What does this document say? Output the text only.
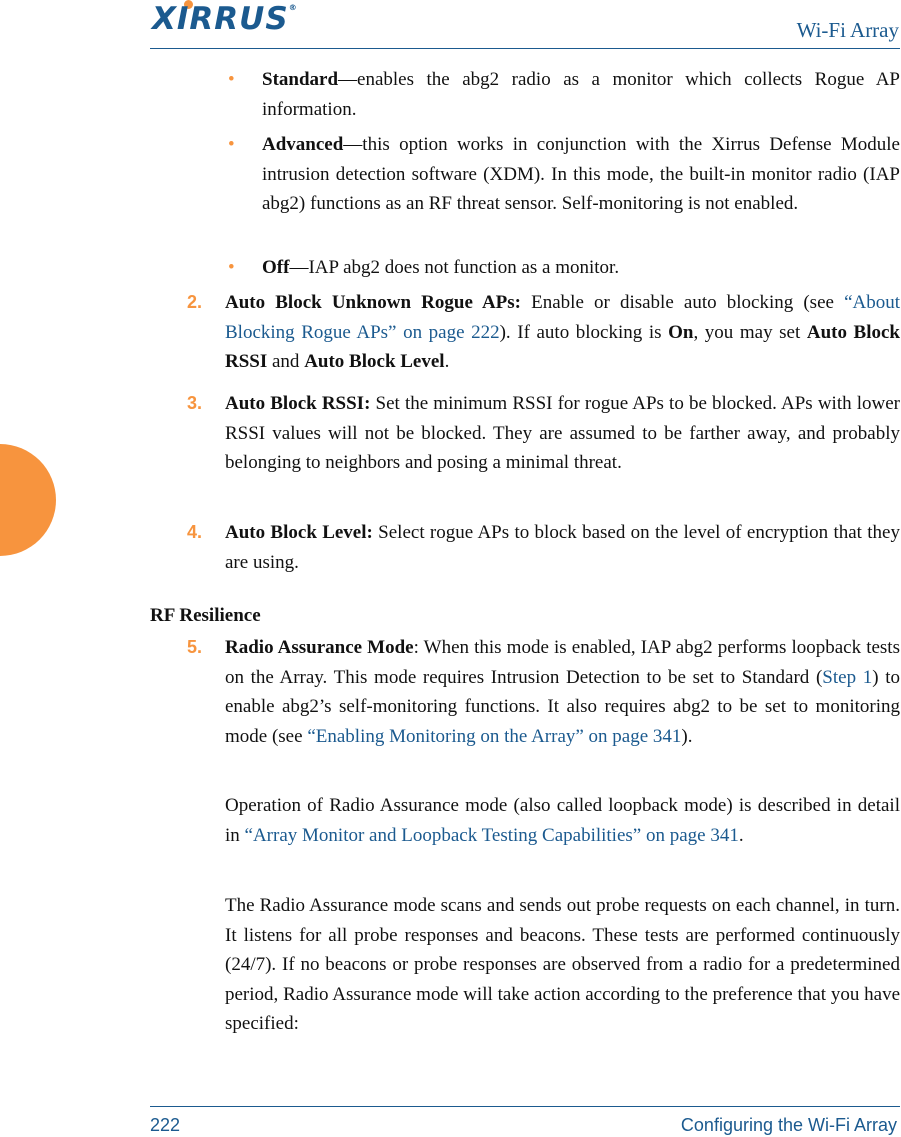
XIRRUS®
Wi-Fi Array
• Standard—enables the abg2 radio as a monitor which collects Rogue AP information.

• Advanced—this option works in conjunction with the Xirrus Defense Module intrusion detection software (XDM). In this mode, the built-in monitor radio (IAP abg2) functions as an RF threat sensor. Self-monitoring is not enabled.

• Off—IAP abg2 does not function as a monitor.

2. Auto Block Unknown Rogue APs: Enable or disable auto blocking (see “About Blocking Rogue APs” on page 222). If auto blocking is On, you may set Auto Block RSSI and Auto Block Level.

3. Auto Block RSSI: Set the minimum RSSI for rogue APs to be blocked. APs with lower RSSI values will not be blocked. They are assumed to be farther away, and probably belonging to neighbors and posing a minimal threat.

4. Auto Block Level: Select rogue APs to block based on the level of encryption that they are using.

RF Resilience
5. Radio Assurance Mode: When this mode is enabled, IAP abg2 performs loopback tests on the Array. This mode requires Intrusion Detection to be set to Standard (Step 1) to enable abg2’s self-monitoring functions. It also requires abg2 to be set to monitoring mode (see “Enabling Monitoring on the Array” on page 341).

Operation of Radio Assurance mode (also called loopback mode) is described in detail in “Array Monitor and Loopback Testing Capabilities” on page 341.

The Radio Assurance mode scans and sends out probe requests on each channel, in turn. It listens for all probe responses and beacons. These tests are performed continuously (24/7). If no beacons or probe responses are observed from a radio for a predetermined period, Radio Assurance mode will take action according to the preference that you have specified:

222	Configuring the Wi-Fi Array
